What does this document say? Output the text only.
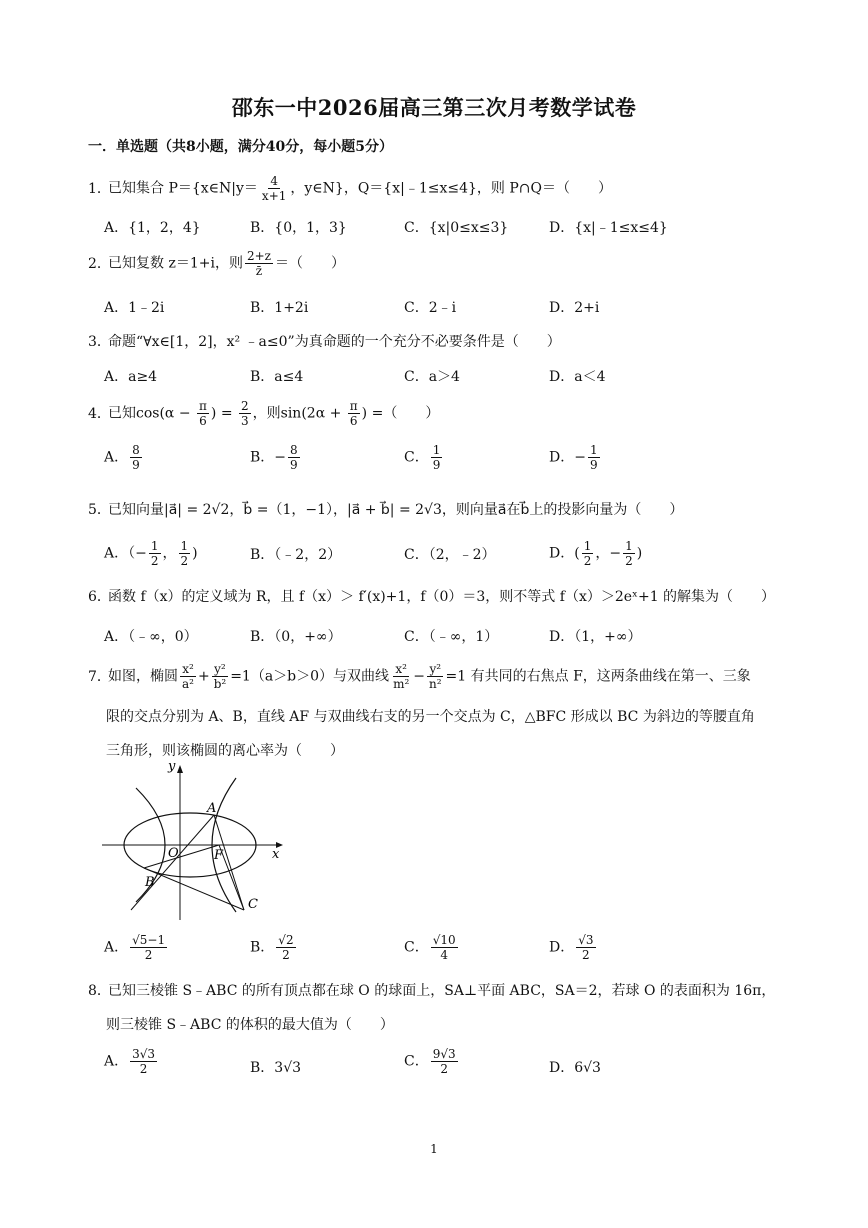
邵东一中2026届高三第三次月考数学试卷
一．单选题（共8小题，满分40分，每小题5分）
1．已知集合 P＝{x∈N|y＝ $\frac{4}{x+1}$ ，y∈N}，Q＝{x|﹣1≤x≤4}，则 P∩Q＝（　　）
A．{1，2，4}	B．{0，1，3}	C．{x|0≤x≤3}	D．{x|﹣1≤x≤4}
2．已知复数 z＝1+i，则 $\frac{2+z}{z̄}$ ＝（　　）
A．1﹣2i	B．1+2i	C．2﹣i	D．2+i
3．命题“∀x∈[1，2]，x² ﹣a≤0”为真命题的一个充分不必要条件是（　　）
A．a≥4	B．a≤4	C．a＞4	D．a＜4
4．已知$\cos(\alpha - \frac{\pi}{6}$ ) = $\frac{2}{3}$ ，则$\sin(2\alpha + \frac{\pi}{6}$ ) =（　　）
A． $\frac{8}{9}$	B．− $\frac{8}{9}$	C． $\frac{1}{9}$	D．− $\frac{1}{9}$
5．已知向量|a⃗| = 2√2，b⃗ =（1，−1），|a⃗ + b⃗| = 2√3，则向量a⃗在b⃗上的投影向量为（　　）
A．（− $\frac{1}{2}$ ， $\frac{1}{2}$ )	B．（﹣2，2）	C．（2，﹣2）	D．( $\frac{1}{2}$ ，− $\frac{1}{2}$ )
6．函数 f（x）的定义域为 R，且 f（x）＞ f′(x)+1，f（0）＝3，则不等式 f（x）＞2eˣ+1 的解集为（　　）
A．（﹣∞，0）	B．（0，+∞）	C．（﹣∞，1）	D．（1，+∞）
7．如图，椭圆 $\frac{\text{x²}}{\text{a²}} + \frac{\text{y²}}{\text{b²}} =1(a>b>0)$与双曲线 $\frac{\text{x²}}{\text{m²}} - \frac{\text{y²}}{\text{n²}} =1$ 有共同的右焦点 F，这两条曲线在第一、三象
限的交点分别为 A、B，直线 AF 与双曲线右支的另一个交点为 C，△BFC 形成以 BC 为斜边的等腰直角
三角形，则该椭圆的离心率为（　　）
y
x
O
A
B
C
F
A． $\frac{√5-1}{2}$	B． $\frac{√2}{2}$	C． $\frac{√10}{4}$	D． $\frac{√3}{2}$
8．已知三棱锥 S﹣ABC 的所有顶点都在球 O 的球面上，SA⊥平面 ABC，SA＝2，若球 O 的表面积为 16π，
则三棱锥 S﹣ABC 的体积的最大值为（　　）
A． $\frac{3√3}{2}$	B．3√3	C． $\frac{9√3}{2}$	D．6√3
1
